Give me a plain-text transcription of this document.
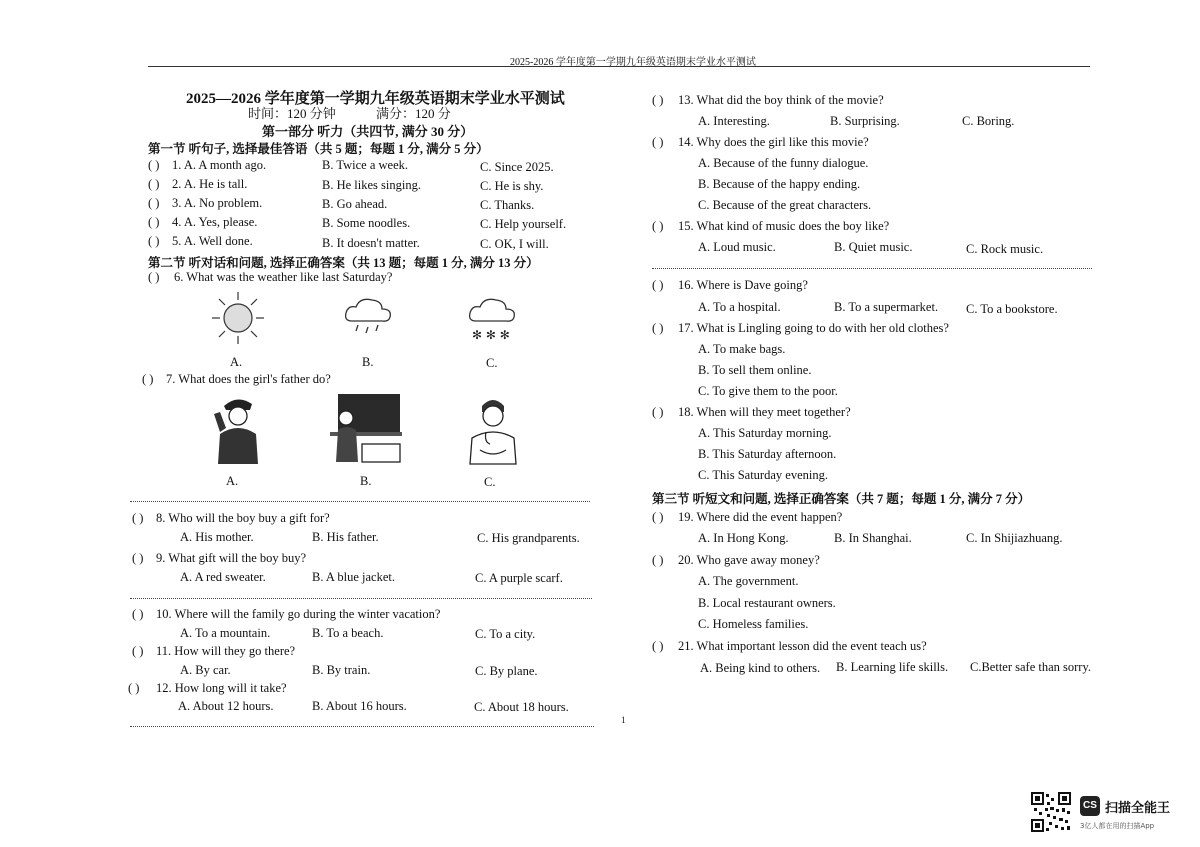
2025-2026 学年度第一学期九年级英语期末学业水平测试
2025—2026 学年度第一学期九年级英语期末学业水平测试
时间：120 分钟	满分：120 分
第一部分 听力（共四节, 满分 30 分）
第一节 听句子, 选择最佳答语（共 5 题；每题 1 分, 满分 5 分）
( ) 1. A. A month ago.	B. Twice a week.	C. Since 2025.
( ) 2. A. He is tall.	B. He likes singing.	C. He is shy.
( ) 3. A. No problem.	B. Go ahead.	C. Thanks.
( ) 4. A. Yes, please.	B. Some noodles.	C. Help yourself.
( ) 5. A. Well done.	B. It doesn't matter.	C. OK, I will.
第二节 听对话和问题, 选择正确答案（共 13 题；每题 1 分, 满分 13 分）
( ) 6. What was the weather like last Saturday?
✻ ✻ ✻
A.	B.	C.
( ) 7. What does the girl's father do?
A.	B.	C.
( ) 8. Who will the boy buy a gift for?
A. His mother.	B. His father.	C. His grandparents.
( ) 9. What gift will the boy buy?
A. A red sweater.	B. A blue jacket.	C. A purple scarf.
( ) 10. Where will the family go during the winter vacation?
A. To a mountain.	B. To a beach.	C. To a city.
( ) 11. How will they go there?
A. By car.	B. By train.	C. By plane.
( ) 12. How long will it take?
A. About 12 hours.	B. About 16 hours.	C. About 18 hours.
1
( ) 13. What did the boy think of the movie?
A. Interesting.	B. Surprising.	C. Boring.
( ) 14. Why does the girl like this movie?
A. Because of the funny dialogue.
B. Because of the happy ending.
C. Because of the great characters.
( ) 15. What kind of music does the boy like?
A. Loud music.	B. Quiet music.	C. Rock music.
( ) 16. Where is Dave going?
A. To a hospital.	B. To a supermarket. C. To a bookstore.
( ) 17. What is Lingling going to do with her old clothes?
A. To make bags.
B. To sell them online.
C. To give them to the poor.
( ) 18. When will they meet together?
A. This Saturday morning.
B. This Saturday afternoon.
C. This Saturday evening.
第三节 听短文和问题, 选择正确答案（共 7 题；每题 1 分, 满分 7 分）
( ) 19. Where did the event happen?
A. In Hong Kong.	B. In Shanghai.	C. In Shijiazhuang.
( ) 20. Who gave away money?
A. The government.
B. Local restaurant owners.
C. Homeless families.
( ) 21. What important lesson did the event teach us?
A. Being kind to others. B. Learning life skills. C.Better safe than sorry.
CS 扫描全能王
3亿人都在用的扫描App
